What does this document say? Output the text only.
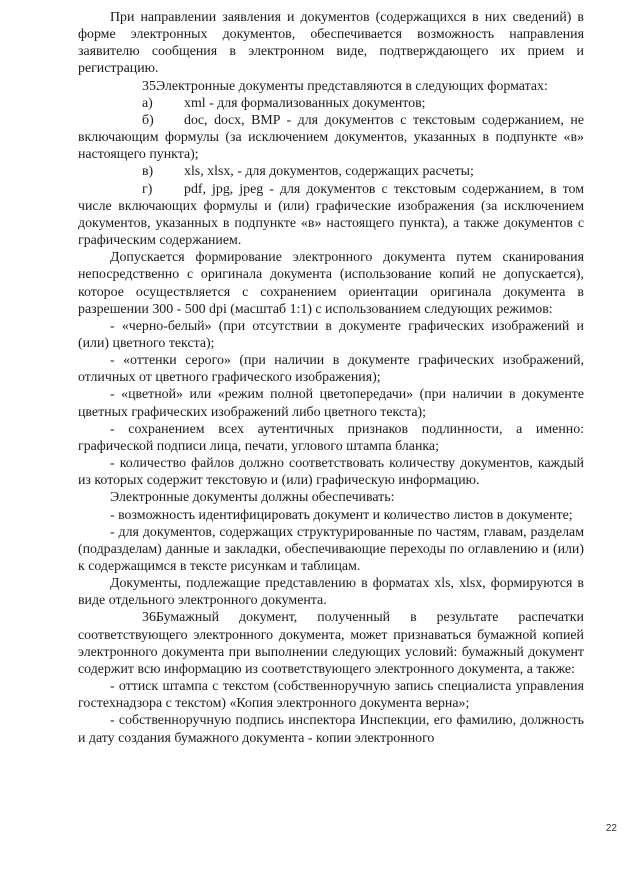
При направлении заявления и документов (содержащихся в них сведений) в форме электронных документов, обеспечивается возможность направления заявителю сообщения в электронном виде, подтверждающего их прием и регистрацию.

35.Электронные документы представляются в следующих форматах:

а) xml - для формализованных документов;

б) doc, docx, BMP - для документов с текстовым содержанием, не включающим формулы (за исключением документов, указанных в подпункте «в» настоящего пункта);

в) xls, xlsx, - для документов, содержащих расчеты;

г) pdf, jpg, jpeg - для документов с текстовым содержанием, в том числе включающих формулы и (или) графические изображения (за исключением документов, указанных в подпункте «в» настоящего пункта), а также документов с графическим содержанием.

Допускается формирование электронного документа путем сканирования непосредственно с оригинала документа (использование копий не допускается), которое осуществляется с сохранением ориентации оригинала документа в разрешении 300 - 500 dpi (масштаб 1:1) с использованием следующих режимов:

- «черно-белый» (при отсутствии в документе графических изображений и (или) цветного текста);

- «оттенки серого» (при наличии в документе графических изображений, отличных от цветного графического изображения);

- «цветной» или «режим полной цветопередачи» (при наличии в документе цветных графических изображений либо цветного текста);

- сохранением всех аутентичных признаков подлинности, а именно: графической подписи лица, печати, углового штампа бланка;

- количество файлов должно соответствовать количеству документов, каждый из которых содержит текстовую и (или) графическую информацию.

Электронные документы должны обеспечивать:

- возможность идентифицировать документ и количество листов в документе;

- для документов, содержащих структурированные по частям, главам, разделам (подразделам) данные и закладки, обеспечивающие переходы по оглавлению и (или) к содержащимся в тексте рисункам и таблицам.

Документы, подлежащие представлению в форматах xls, xlsx, формируются в виде отдельного электронного документа.

36.Бумажный документ, полученный в результате распечатки соответствующего электронного документа, может признаваться бумажной копией электронного документа при выполнении следующих условий: бумажный документ содержит всю информацию из соответствующего электронного документа, а также:

- оттиск штампа с текстом (собственноручную запись специалиста управления гостехнадзора с текстом) «Копия электронного документа верна»;

- собственноручную подпись инспектора Инспекции, его фамилию, должность и дату создания бумажного документа - копии электронного

22
